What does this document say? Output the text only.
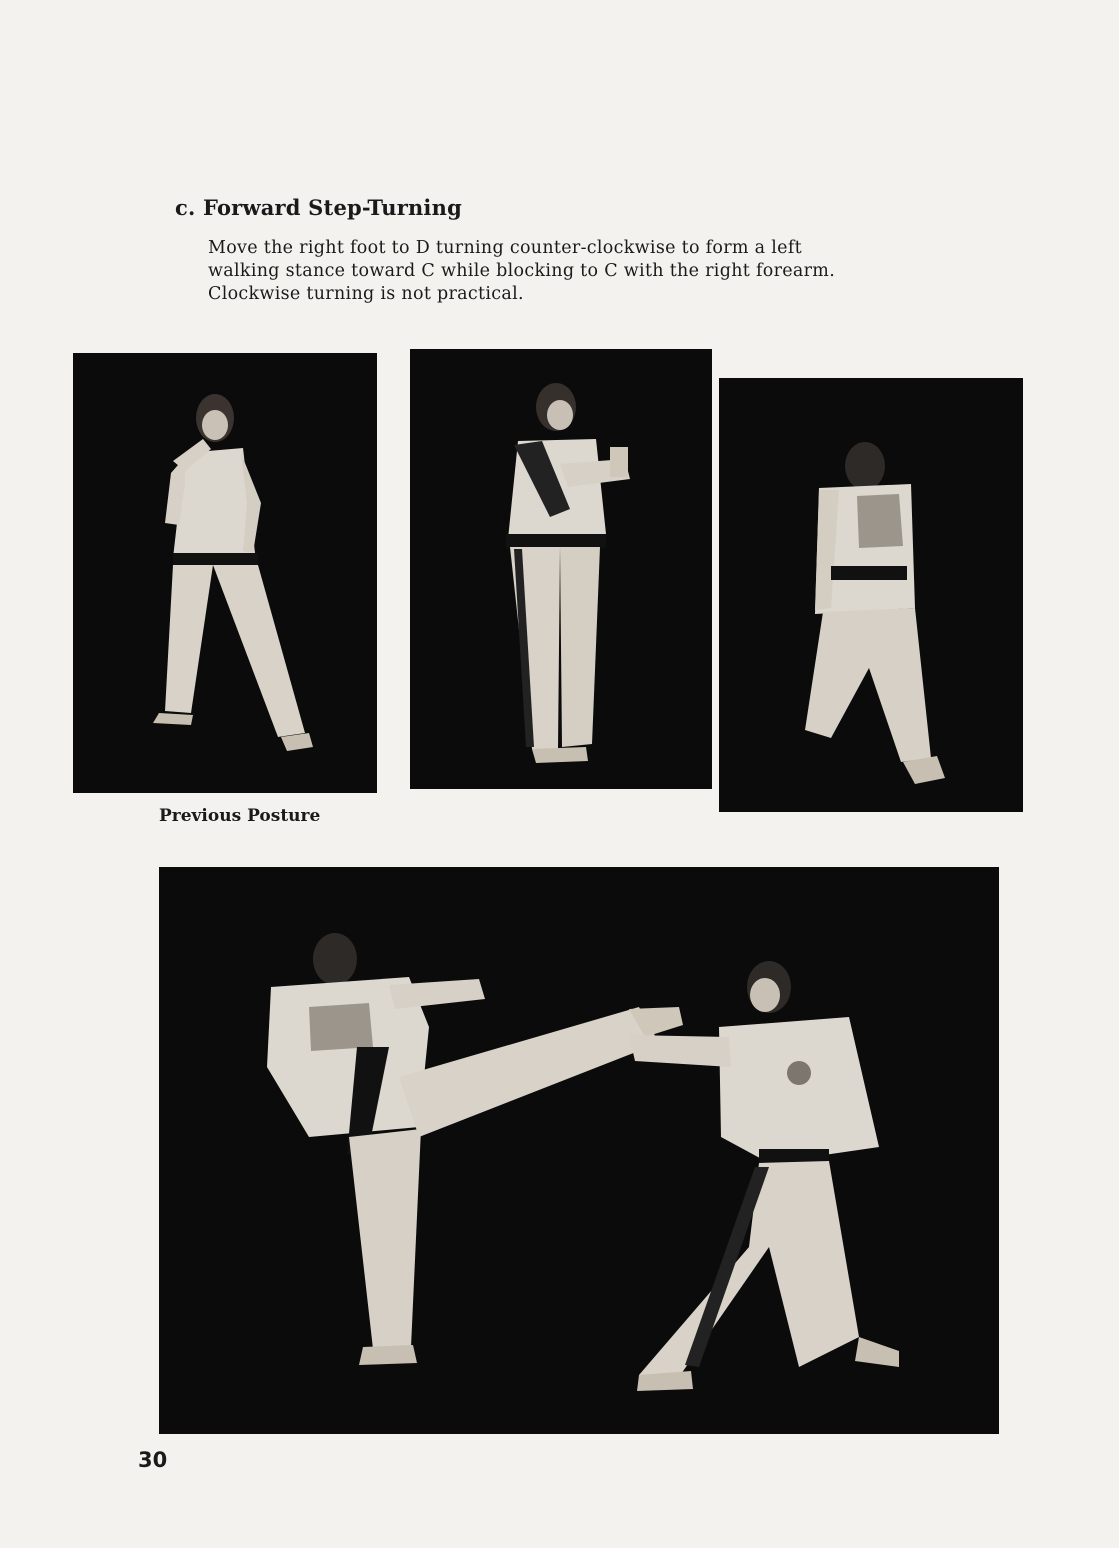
c. Forward Step-Turning

Move the right foot to D turning counter-clockwise to form a left
walking stance toward C while blocking to C with the right forearm.
Clockwise turning is not practical.

Previous Posture
30
